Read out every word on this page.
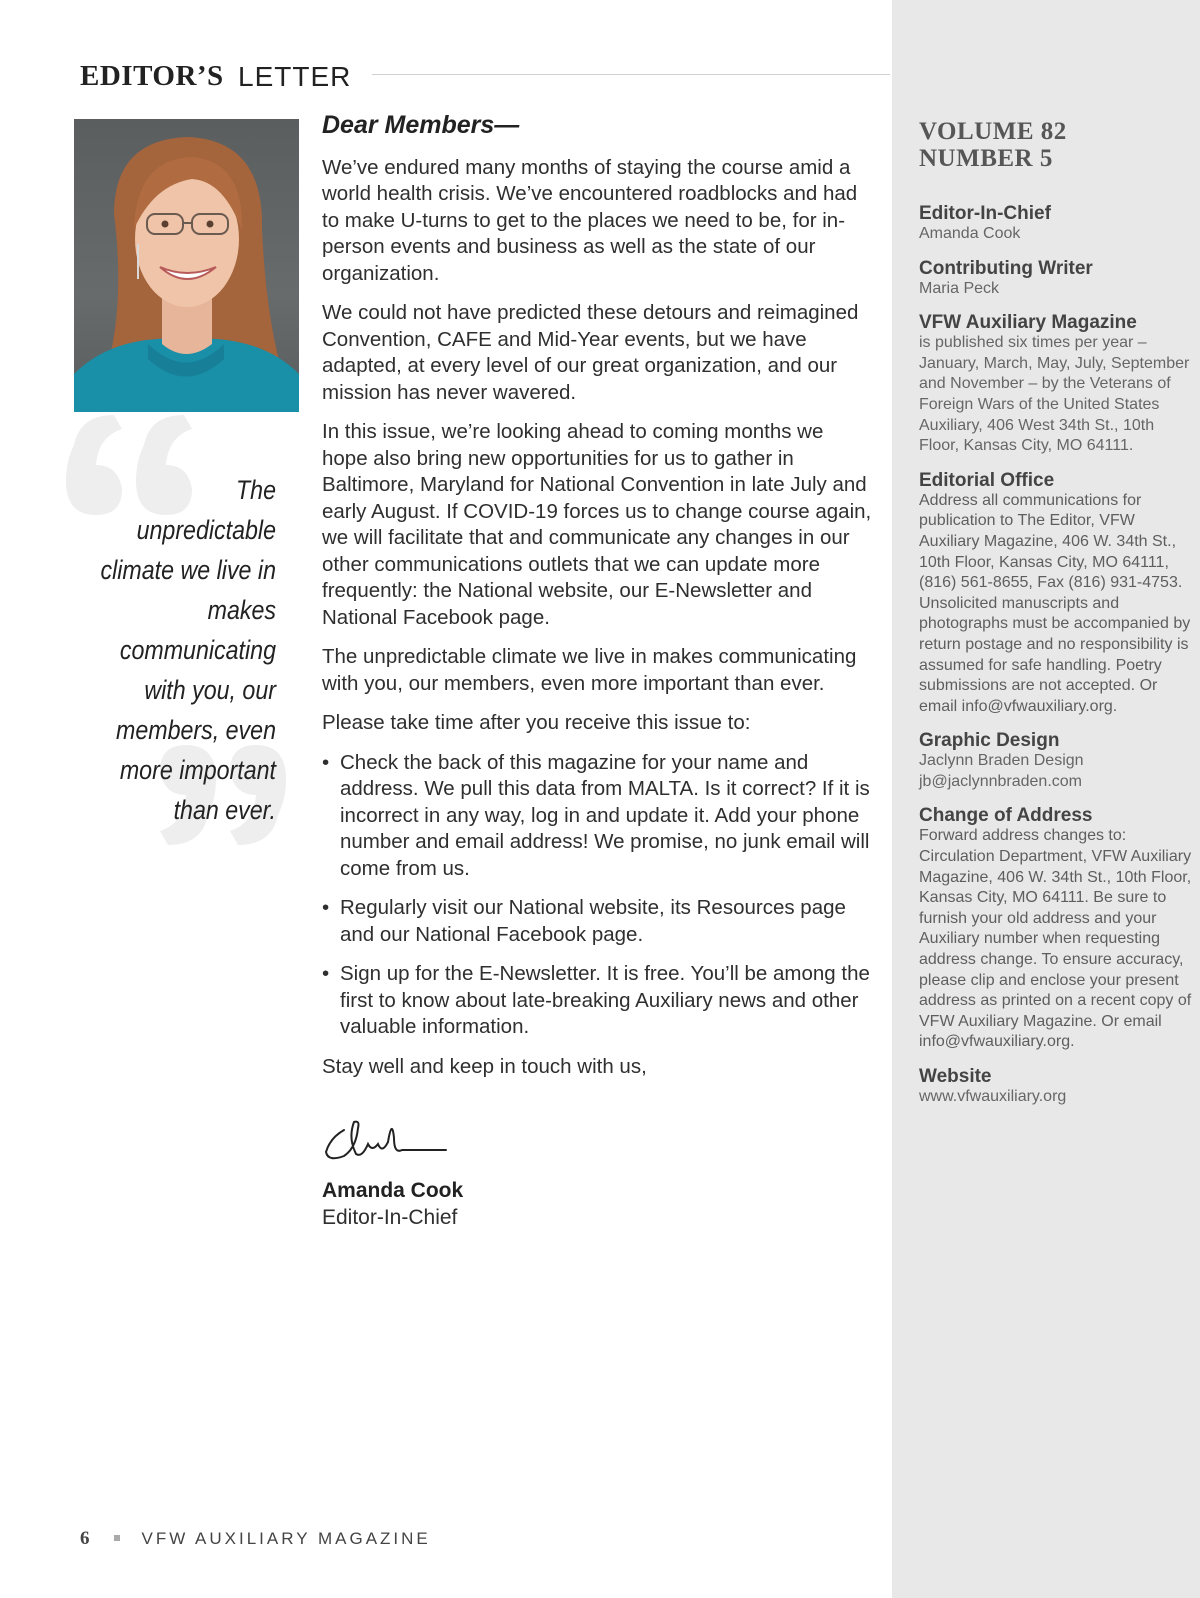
EDITOR’S LETTER
The unpredictable climate we live in makes communicating with you, our members, even more important than ever.
Dear Members—

We’ve endured many months of staying the course amid a world health crisis. We’ve encountered roadblocks and had to make U-turns to get to the places we need to be, for in-person events and business as well as the state of our organization.

We could not have predicted these detours and reimagined Convention, CAFE and Mid-Year events, but we have adapted, at every level of our great organization, and our mission has never wavered.

In this issue, we’re looking ahead to coming months we hope also bring new opportunities for us to gather in Baltimore, Maryland for National Convention in late July and early August. If COVID-19 forces us to change course again, we will facilitate that and communicate any changes in our other communications outlets that we can update more frequently: the National website, our E-Newsletter and National Facebook page.

The unpredictable climate we live in makes communicating with you, our members, even more important than ever.

Please take time after you receive this issue to:

• Check the back of this magazine for your name and address. We pull this data from MALTA. Is it correct? If it is incorrect in any way, log in and update it. Add your phone number and email address! We promise, no junk email will come from us.
• Regularly visit our National website, its Resources page and our National Facebook page.
• Sign up for the E-Newsletter. It is free. You’ll be among the first to know about late-breaking Auxiliary news and other valuable information.

Stay well and keep in touch with us,

Amanda Cook
Editor-In-Chief
VOLUME 82
NUMBER 5
Editor-In-Chief
Amanda Cook
Contributing Writer
Maria Peck
VFW Auxiliary Magazine
is published six times per year – January, March, May, July, September and November – by the Veterans of Foreign Wars of the United States Auxiliary, 406 West 34th St., 10th Floor, Kansas City, MO 64111.
Editorial Office
Address all communications for publication to The Editor, VFW Auxiliary Magazine, 406 W. 34th St., 10th Floor, Kansas City, MO 64111, (816) 561-8655, Fax (816) 931-4753. Unsolicited manuscripts and photographs must be accompanied by return postage and no responsibility is assumed for safe handling. Poetry submissions are not accepted. Or email info@vfwauxiliary.org.
Graphic Design
Jaclynn Braden Design jb@jaclynnbraden.com
Change of Address
Forward address changes to: Circulation Department, VFW Auxiliary Magazine, 406 W. 34th St., 10th Floor, Kansas City, MO 64111. Be sure to furnish your old address and your Auxiliary number when requesting address change. To ensure accuracy, please clip and enclose your present address as printed on a recent copy of VFW Auxiliary Magazine. Or email info@vfwauxiliary.org.
Website
www.vfwauxiliary.org
6	VFW AUXILIARY MAGAZINE
